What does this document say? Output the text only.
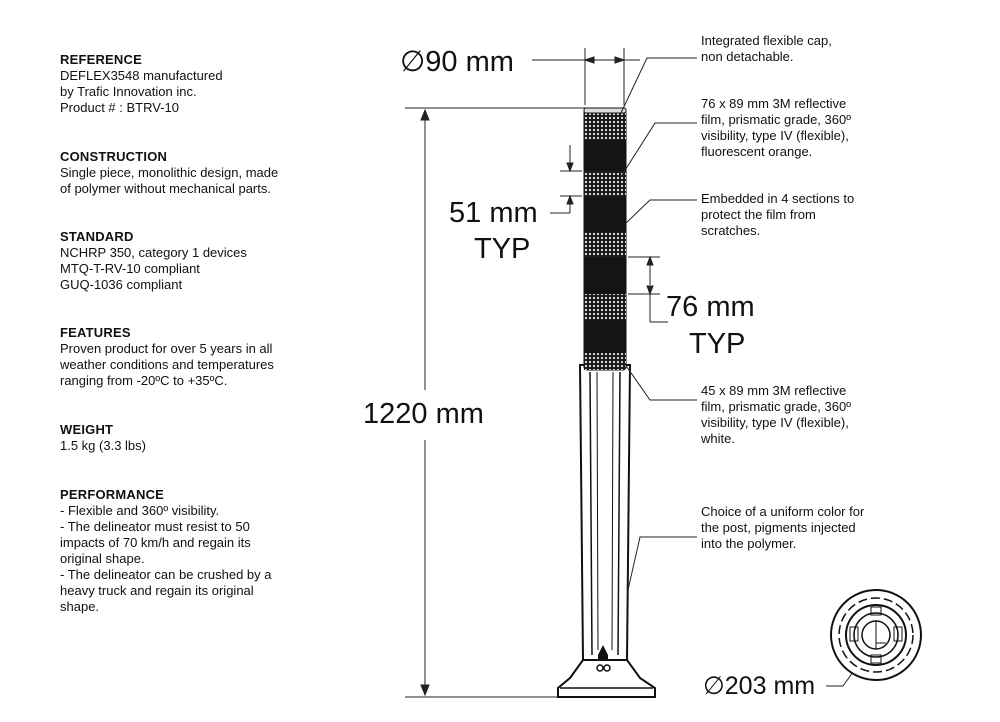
REFERENCE
DEFLEX3548 manufactured
by Trafic Innovation inc.
Product # : BTRV-10
CONSTRUCTION
Single piece, monolithic design, made
of polymer without mechanical parts.
STANDARD
NCHRP 350, category 1 devices
MTQ-T-RV-10 compliant
GUQ-1036 compliant
FEATURES
Proven product for over 5 years in all
weather conditions and temperatures
ranging from -20ºC to +35ºC.
WEIGHT
1.5 kg (3.3 lbs)
PERFORMANCE
- Flexible and 360º visibility.
- The delineator must resist to 50
impacts of 70 km/h and regain its
original shape.
- The delineator can be crushed by a
heavy truck and regain its original
shape.
∅90 mm
1220 mm
51 mm
TYP
76 mm
TYP
∅203 mm
Integrated flexible cap,
non detachable.
76 x 89 mm 3M reflective
film, prismatic grade, 360º
visibility, type IV (flexible),
fluorescent orange.
Embedded in 4 sections to
protect the film from
scratches.
45 x 89 mm 3M reflective
film, prismatic grade, 360º
visibility, type IV (flexible),
white.
Choice of a uniform color for
the post, pigments injected
into the polymer.
